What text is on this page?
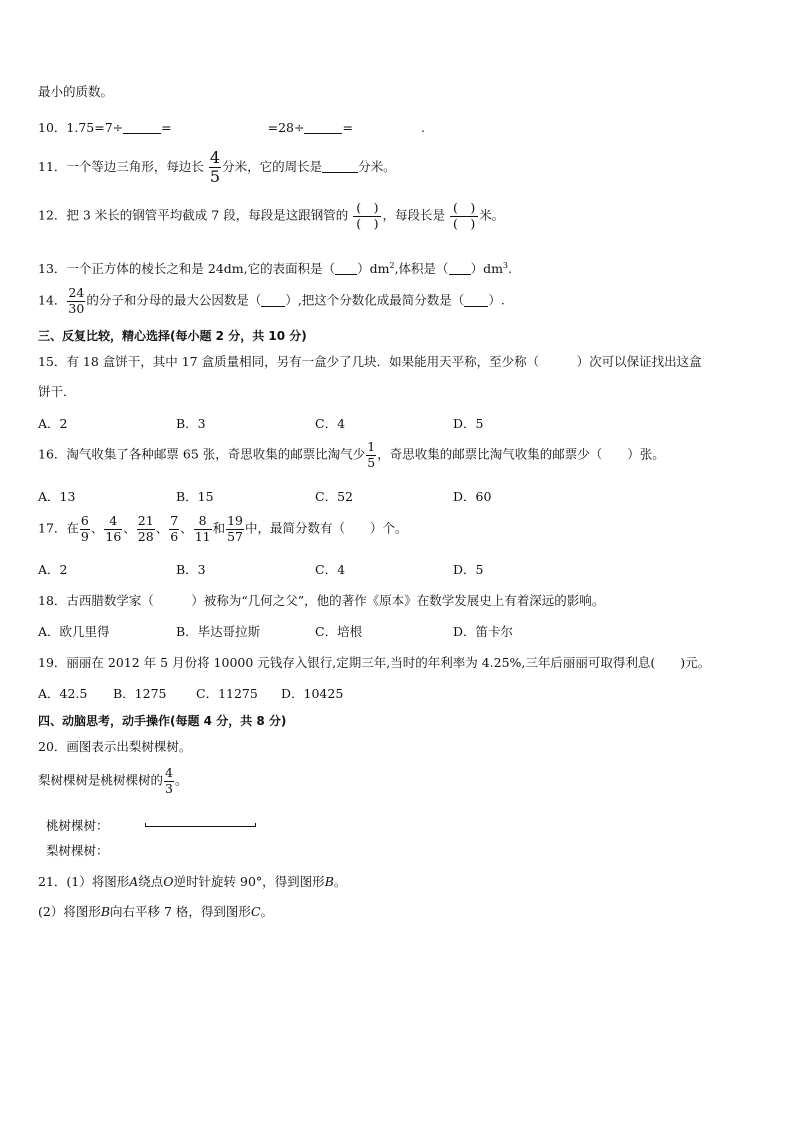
最小的质数。
10．1.75=7÷	=	=28÷	=	.
11．一个等边三角形，每边长 $\frac{4}{5}$ 分米，它的周长是	分米。
12．把 3 米长的钢管平均截成 7 段，每段是这跟钢管的 $\frac{( )}{( )}$ ，每段长是 $\frac{( )}{( )}$ 米。
13．一个正方体的棱长之和是 24dm,它的表面积是（ ）$dm^2$,体积是（ ）$dm^3$.
14． $\frac{24}{30}$ 的分子和分母的最大公因数是（ ）,把这个分数化成最简分数是（ ）.
三、反复比较，精心选择(每小题 2 分，共 10 分)
15．有 18 盒饼干，其中 17 盒质量相同，另有一盒少了几块．如果能用天平称，至少称（　　　）次可以保证找出这盒
饼干．
A．2	B．3	C．4	D．5
16．淘气收集了各种邮票 65 张，奇思收集的邮票比淘气少 $\frac{1}{5}$ ，奇思收集的邮票比淘气收集的邮票少（　　）张。
A．13	B．15	C．52	D．60
17．在 $\frac{6}{9}$ 、 $\frac{4}{16}$ 、 $\frac{21}{28}$ 、 $\frac{7}{6}$ 、 $\frac{8}{11}$ 和 $\frac{19}{57}$ 中，最简分数有（　　）个。
A．2	B．3	C．4	D．5
18．古西腊数学家（　　　）被称为“几何之父”，他的著作《原本》在数学发展史上有着深远的影响。
A．欧几里得	B．毕达哥拉斯	C．培根	D．笛卡尔
19．丽丽在 2012 年 5 月份将 10000 元钱存入银行,定期三年,当时的年利率为 4.25%,三年后丽丽可取得利息(　　)元。
A．42.5 B．1275 C．11275 D．10425
四、动脑思考，动手操作(每题 4 分，共 8 分)
20．画图表示出梨树棵树。
梨树棵树是桃树棵树的 $\frac{4}{3}$ 。
桃树棵树：
梨树棵树：
21．(1）将图形A绕点O逆时针旋转 90°，得到图形B。
(2）将图形B向右平移 7 格，得到图形C。
